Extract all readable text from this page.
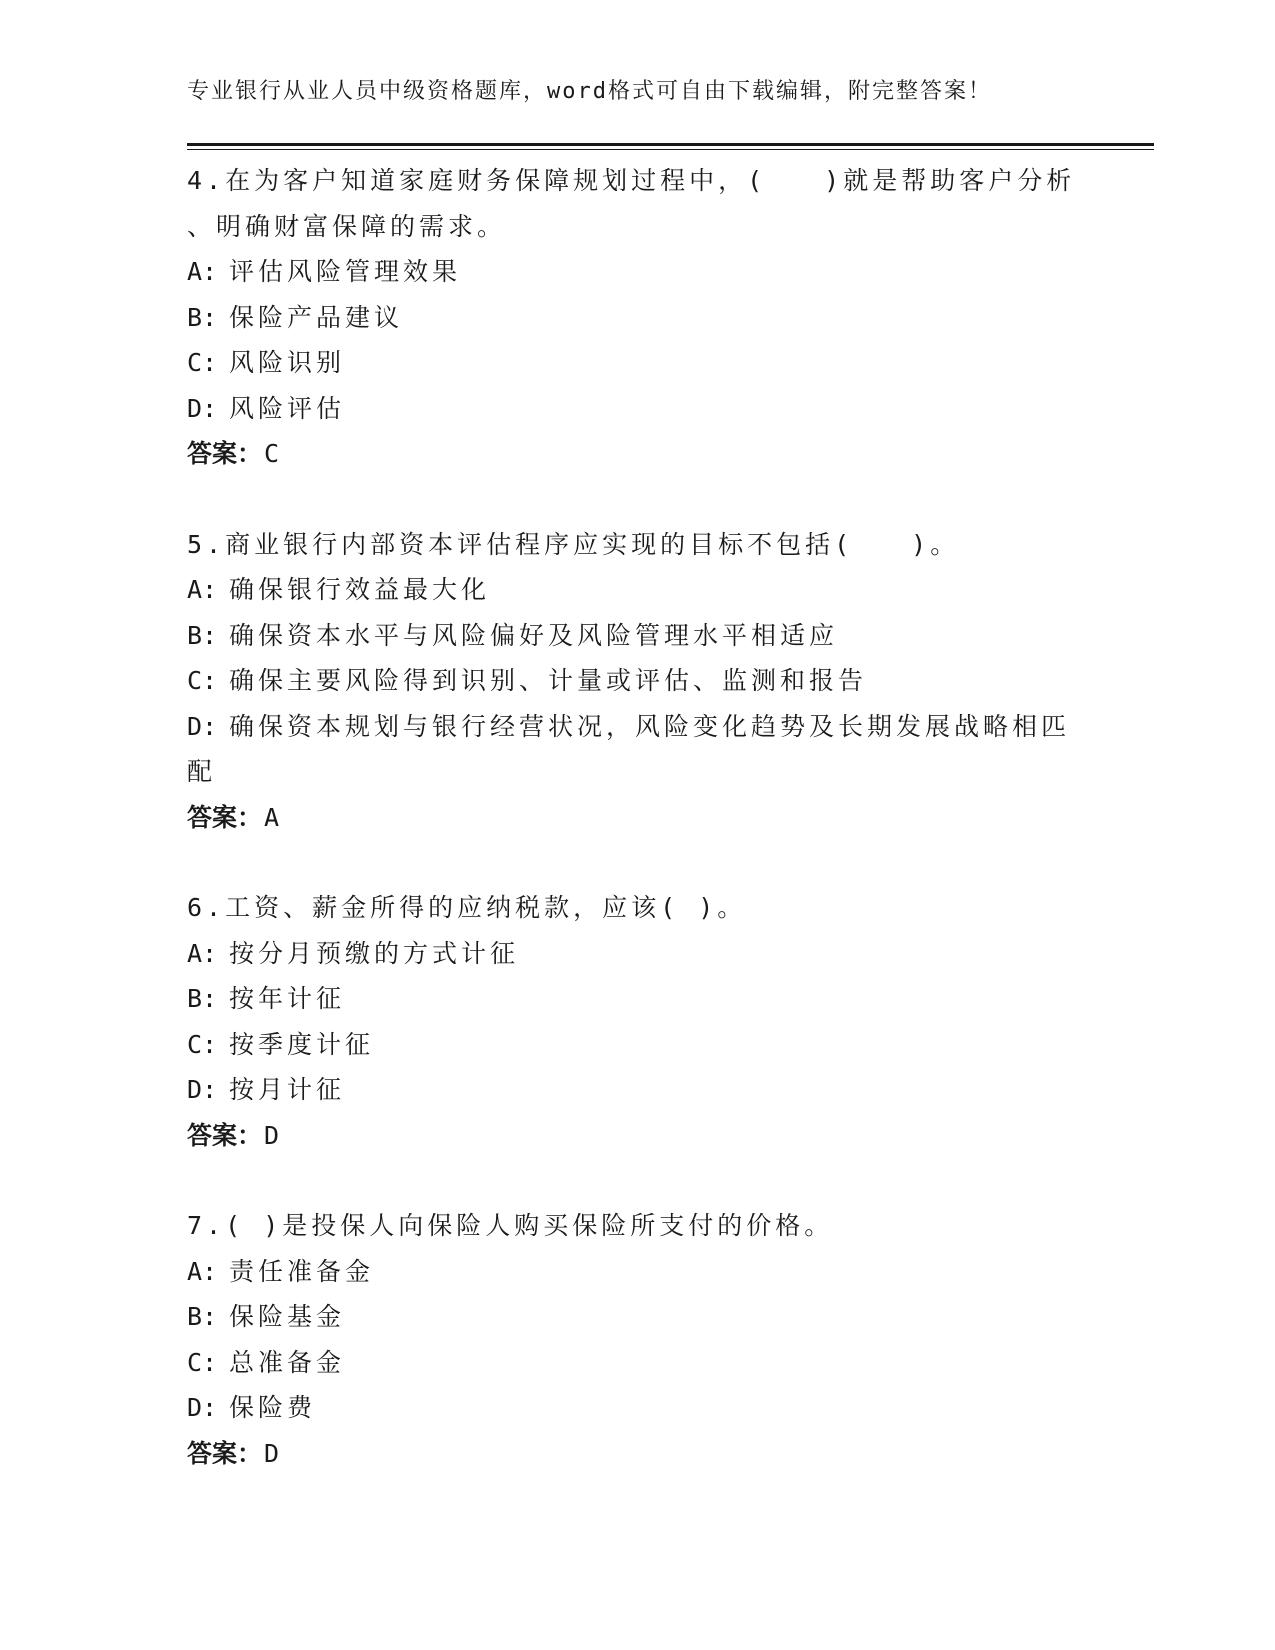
专业银行从业人员中级资格题库，word格式可自由下载编辑，附完整答案！
4.在为客户知道家庭财务保障规划过程中，(　　)就是帮助客户分析
、明确财富保障的需求。
A: 评估风险管理效果
B: 保险产品建议
C: 风险识别
D: 风险评估
答案：C
5.商业银行内部资本评估程序应实现的目标不包括(　　)。
A: 确保银行效益最大化
B: 确保资本水平与风险偏好及风险管理水平相适应
C: 确保主要风险得到识别、计量或评估、监测和报告
D: 确保资本规划与银行经营状况，风险变化趋势及长期发展战略相匹
配
答案：A
6.工资、薪金所得的应纳税款，应该( )。
A: 按分月预缴的方式计征
B: 按年计征
C: 按季度计征
D: 按月计征
答案：D
7.( )是投保人向保险人购买保险所支付的价格。
A: 责任准备金
B: 保险基金
C: 总准备金
D: 保险费
答案：D
